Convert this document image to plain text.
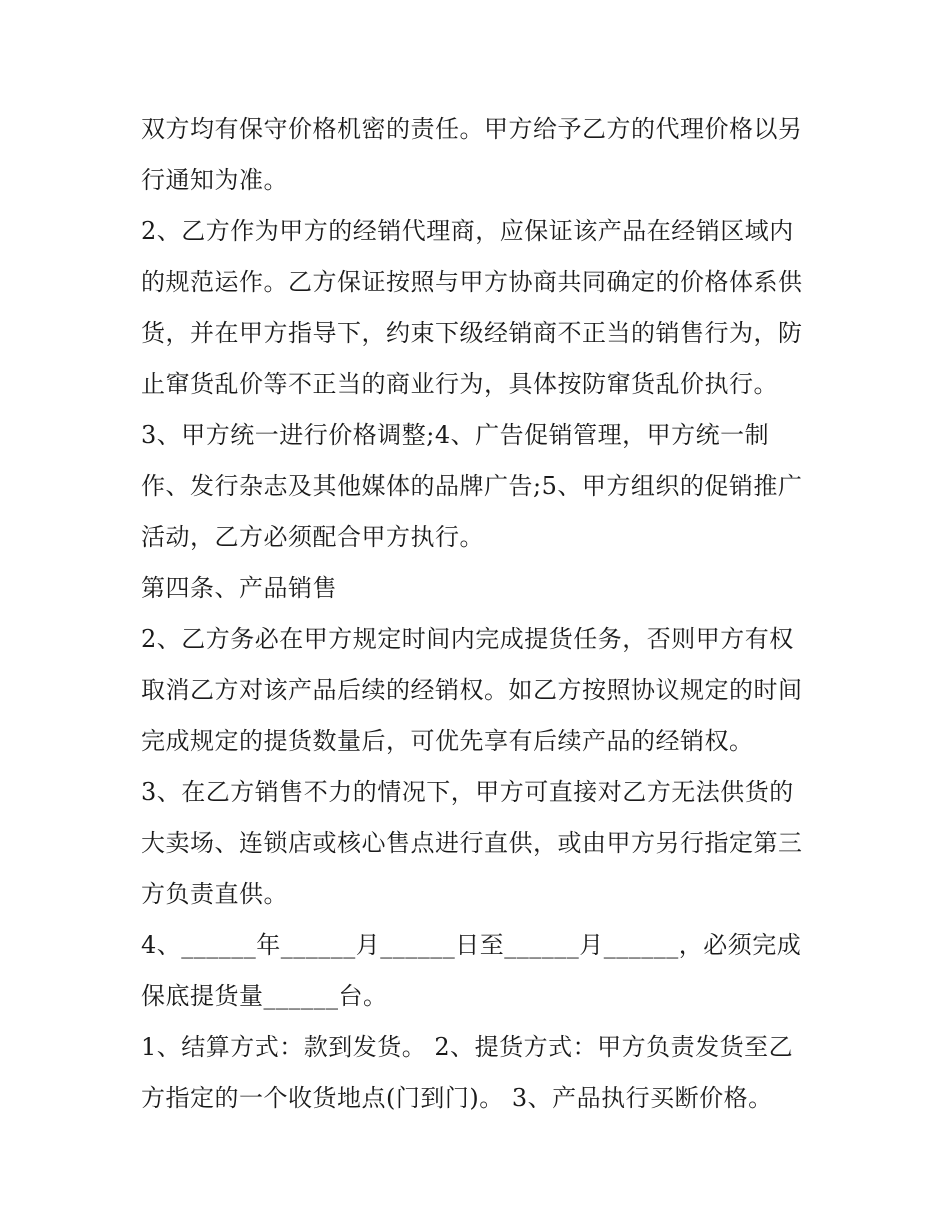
双方均有保守价格机密的责任。甲方给予乙方的代理价格以另
行通知为准。
2、乙方作为甲方的经销代理商，应保证该产品在经销区域内
的规范运作。乙方保证按照与甲方协商共同确定的价格体系供
货，并在甲方指导下，约束下级经销商不正当的销售行为，防
止窜货乱价等不正当的商业行为，具体按防窜货乱价执行。
3、甲方统一进行价格调整;4、广告促销管理，甲方统一制
作、发行杂志及其他媒体的品牌广告;5、甲方组织的促销推广
活动，乙方必须配合甲方执行。
第四条、产品销售
2、乙方务必在甲方规定时间内完成提货任务，否则甲方有权
取消乙方对该产品后续的经销权。如乙方按照协议规定的时间
完成规定的提货数量后，可优先享有后续产品的经销权。
3、在乙方销售不力的情况下，甲方可直接对乙方无法供货的
大卖场、连锁店或核心售点进行直供，或由甲方另行指定第三
方负责直供。
4、______年______月______日至______月______，必须完成
保底提货量______台。
1、结算方式：款到发货。 2、提货方式：甲方负责发货至乙
方指定的一个收货地点(门到门)。 3、产品执行买断价格。
